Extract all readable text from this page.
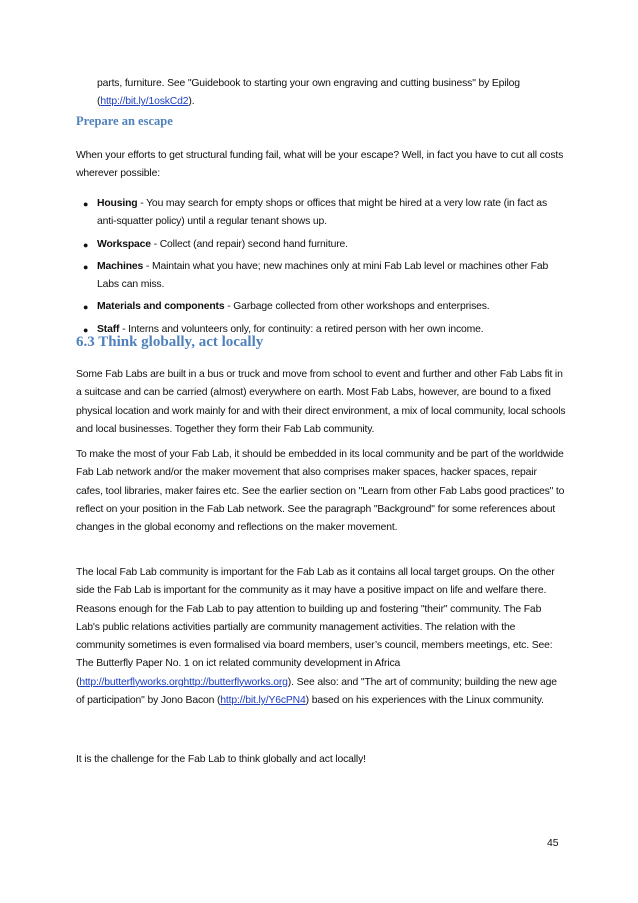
parts, furniture. See "Guidebook to starting your own engraving and cutting business" by Epilog (http://bit.ly/1oskCd2).

Prepare an escape

When your efforts to get structural funding fail, what will be your escape? Well, in fact you have to cut all costs wherever possible:

● Housing - You may search for empty shops or offices that might be hired at a very low rate (in fact as anti-squatter policy) until a regular tenant shows up.
● Workspace - Collect (and repair) second hand furniture.
● Machines - Maintain what you have; new machines only at mini Fab Lab level or machines other Fab Labs can miss.
● Materials and components - Garbage collected from other workshops and enterprises.
● Staff - Interns and volunteers only, for continuity: a retired person with her own income.
6.3 Think globally, act locally

Some Fab Labs are built in a bus or truck and move from school to event and further and other Fab Labs fit in a suitcase and can be carried (almost) everywhere on earth. Most Fab Labs, however, are bound to a fixed physical location and work mainly for and with their direct environment, a mix of local community, local schools and local businesses. Together they form their Fab Lab community.

To make the most of your Fab Lab, it should be embedded in its local community and be part of the worldwide Fab Lab network and/or the maker movement that also comprises maker spaces, hacker spaces, repair cafes, tool libraries, maker faires etc. See the earlier section on "Learn from other Fab Labs good practices" to reflect on your position in the Fab Lab network. See the paragraph "Background" for some references about changes in the global economy and reflections on the maker movement.

The local Fab Lab community is important for the Fab Lab as it contains all local target groups. On the other side the Fab Lab is important for the community as it may have a positive impact on life and welfare there. Reasons enough for the Fab Lab to pay attention to building up and fostering "their" community. The Fab Lab's public relations activities partially are community management activities. The relation with the community sometimes is even formalised via board members, user’s council, members meetings, etc. See: The Butterfly Paper No. 1 on ict related community development in Africa (http://butterflyworks.orghttp://butterflyworks.org). See also: and "The art of community; building the new age of participation" by Jono Bacon (http://bit.ly/Y6cPN4) based on his experiences with the Linux community.

It is the challenge for the Fab Lab to think globally and act locally!

45
